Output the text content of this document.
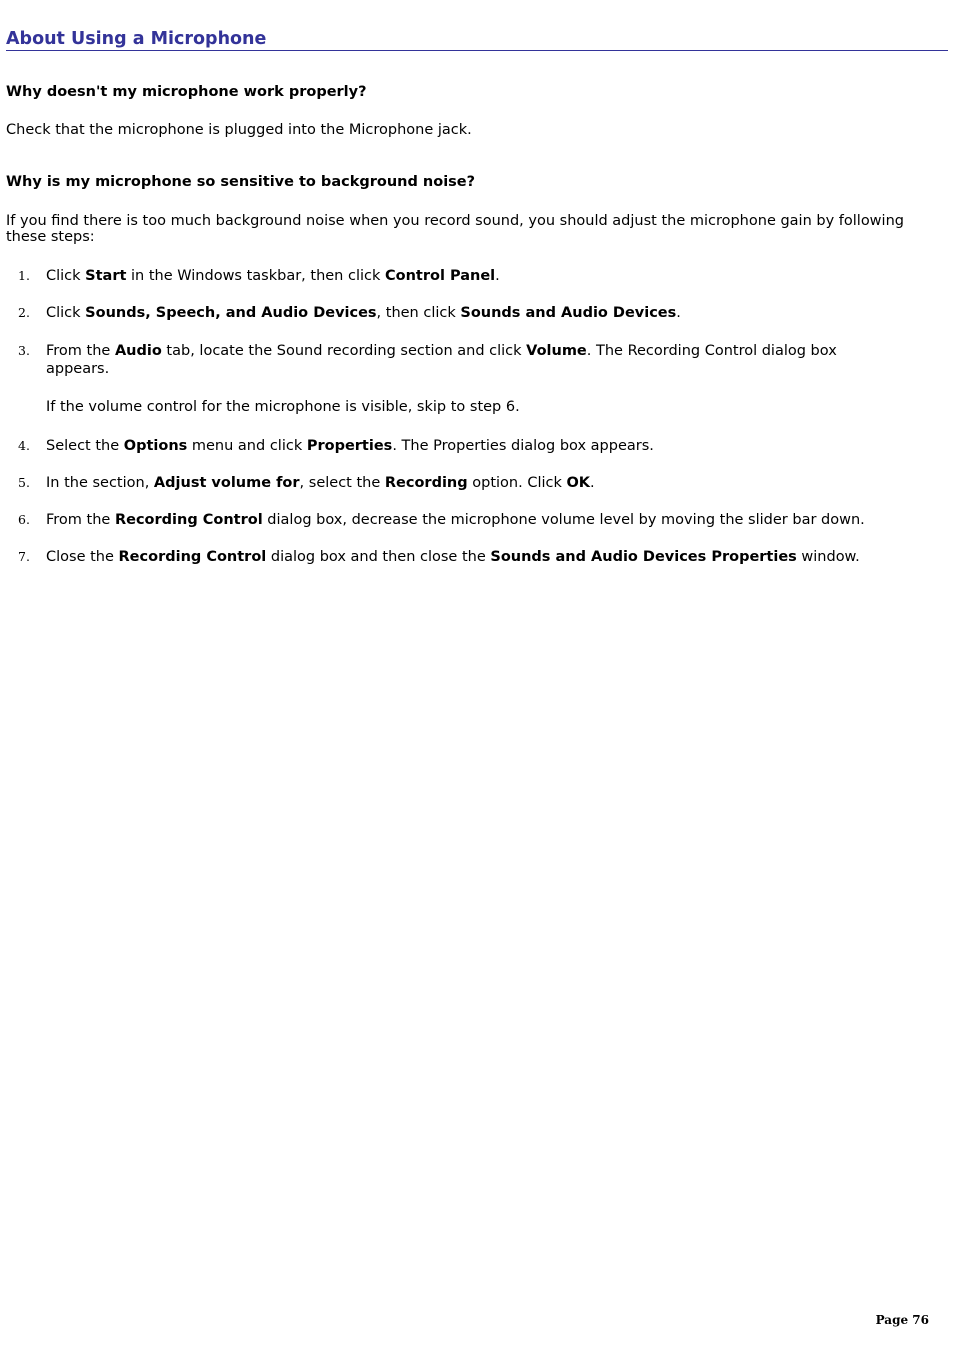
About Using a Microphone
Why doesn't my microphone work properly?
Check that the microphone is plugged into the Microphone jack.
Why is my microphone so sensitive to background noise?
If you find there is too much background noise when you record sound, you should adjust the microphone gain by following these steps:
1. Click Start in the Windows taskbar, then click Control Panel.
2. Click Sounds, Speech, and Audio Devices, then click Sounds and Audio Devices.
3. From the Audio tab, locate the Sound recording section and click Volume. The Recording Control dialog box appears.
If the volume control for the microphone is visible, skip to step 6.
4. Select the Options menu and click Properties. The Properties dialog box appears.
5. In the section, Adjust volume for, select the Recording option. Click OK.
6. From the Recording Control dialog box, decrease the microphone volume level by moving the slider bar down.
7. Close the Recording Control dialog box and then close the Sounds and Audio Devices Properties window.
Page 76
